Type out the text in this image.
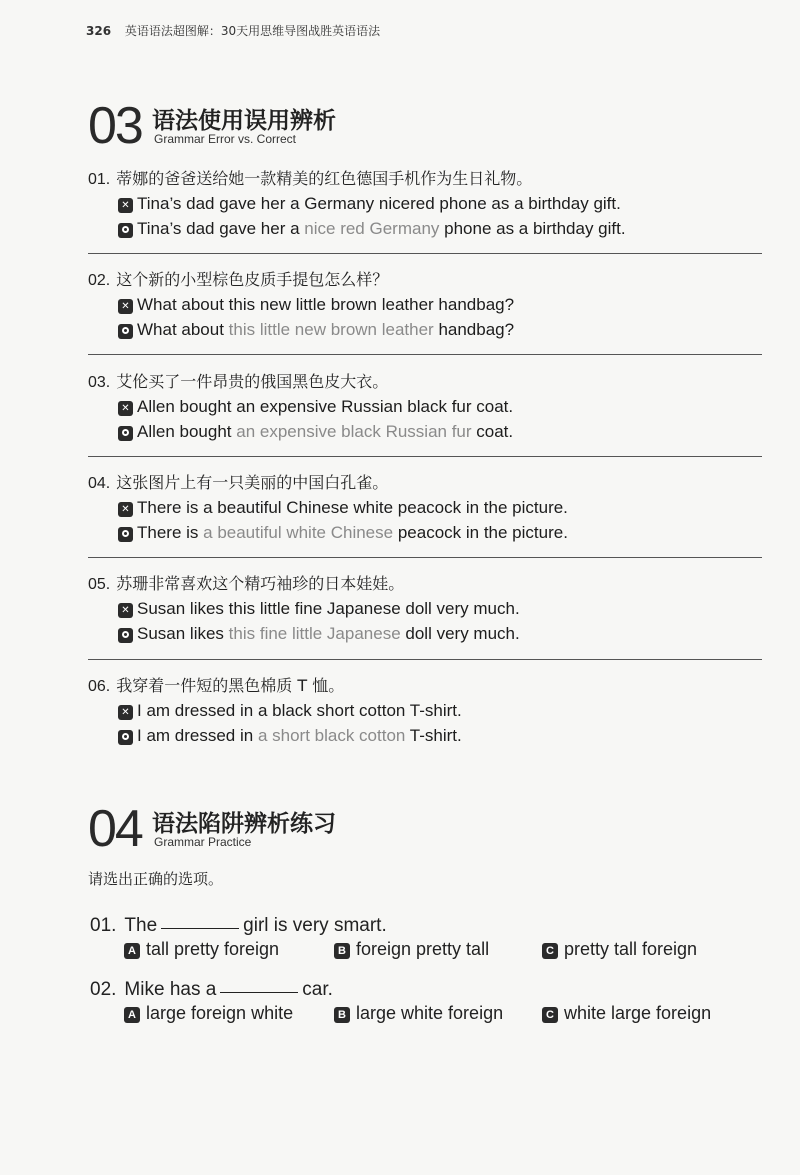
326 英语语法超图解：30天用思维导图战胜英语语法
03 语法使用误用辨析
Grammar Error vs. Correct
01. 蒂娜的爸爸送给她一款精美的红色德国手机作为生日礼物。
✕ Tina’s dad gave her a Germany nicered phone as a birthday gift.
Tina’s dad gave her a nice red Germany phone as a birthday gift.
02. 这个新的小型棕色皮质手提包怎么样？
✕ What about this new little brown leather handbag?
What about this little new brown leather handbag?
03. 艾伦买了一件昂贵的俄国黑色皮大衣。
✕ Allen bought an expensive Russian black fur coat.
Allen bought an expensive black Russian fur coat.
04. 这张图片上有一只美丽的中国白孔雀。
✕ There is a beautiful Chinese white peacock in the picture.
There is a beautiful white Chinese peacock in the picture.
05. 苏珊非常喜欢这个精巧袖珍的日本娃娃。
✕ Susan likes this little fine Japanese doll very much.
Susan likes this fine little Japanese doll very much.
06. 我穿着一件短的黑色棉质 T 恤。
✕ I am dressed in a black short cotton T-shirt.
I am dressed in a short black cotton T-shirt.
04 语法陷阱辨析练习
Grammar Practice
请选出正确的选项。
01. The	girl is very smart.
A tall pretty foreign	B foreign pretty tall	C pretty tall foreign
02. Mike has a	car.
A large foreign white	B large white foreign	C white large foreign
